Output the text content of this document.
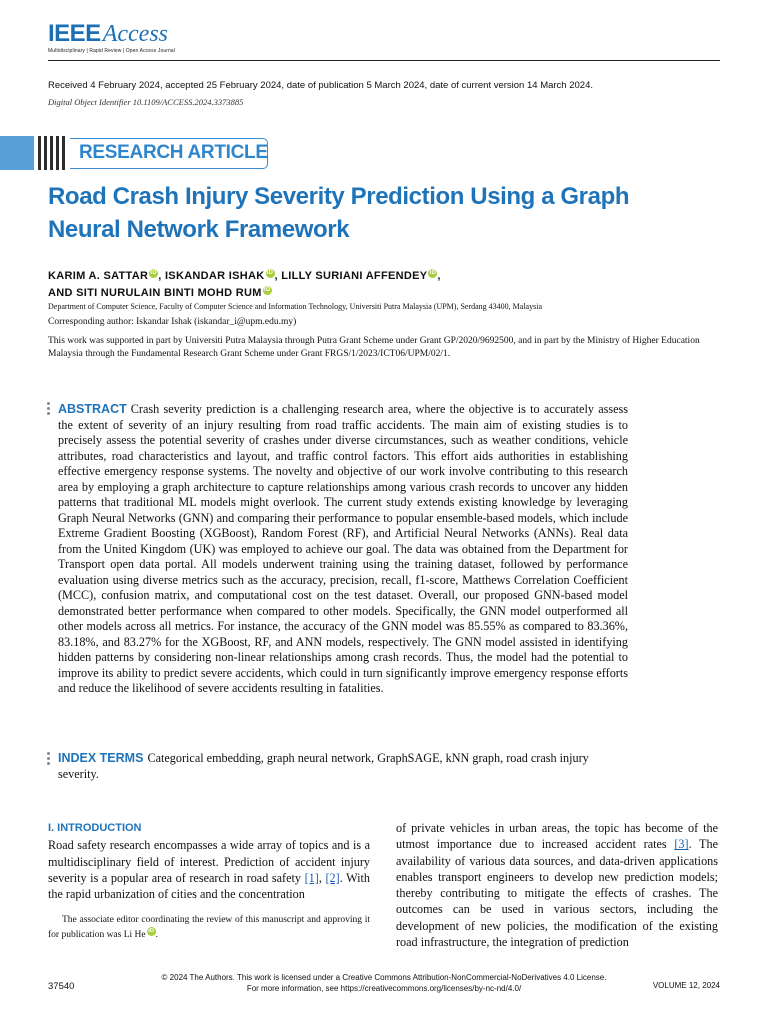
IEEE Access
Multidisciplinary | Rapid Review | Open Access Journal
Received 4 February 2024, accepted 25 February 2024, date of publication 5 March 2024, date of current version 14 March 2024.
Digital Object Identifier 10.1109/ACCESS.2024.3373885
RESEARCH ARTICLE
Road Crash Injury Severity Prediction Using a Graph Neural Network Framework
KARIM A. SATTAR iD, ISKANDAR ISHAK iD, LILLY SURIANI AFFENDEY iD,
AND SITI NURULAIN BINTI MOHD RUM iD
Department of Computer Science, Faculty of Computer Science and Information Technology, Universiti Putra Malaysia (UPM), Serdang 43400, Malaysia
Corresponding author: Iskandar Ishak (iskandar_i@upm.edu.my)
This work was supported in part by Universiti Putra Malaysia through Putra Grant Scheme under Grant GP/2020/9692500, and in part by the Ministry of Higher Education Malaysia through the Fundamental Research Grant Scheme under Grant FRGS/1/2023/ICT06/UPM/02/1.
ABSTRACT Crash severity prediction is a challenging research area, where the objective is to accurately assess the extent of severity of an injury resulting from road traffic accidents. The main aim of existing studies is to precisely assess the potential severity of crashes under diverse circumstances, such as weather conditions, vehicle attributes, road characteristics and layout, and traffic control factors. This effort aids authorities in establishing effective emergency response systems. The novelty and objective of our work involve contributing to this research area by employing a graph architecture to capture relationships among various crash records to uncover any hidden patterns that traditional ML models might overlook. The current study extends existing knowledge by leveraging Graph Neural Networks (GNN) and comparing their performance to popular ensemble-based models, which include Extreme Gradient Boosting (XGBoost), Random Forest (RF), and Artificial Neural Networks (ANNs). Real data from the United Kingdom (UK) was employed to achieve our goal. The data was obtained from the Department for Transport open data portal. All models underwent training using the training dataset, followed by performance evaluation using diverse metrics such as the accuracy, precision, recall, f1-score, Matthews Correlation Coefficient (MCC), confusion matrix, and computational cost on the test dataset. Overall, our proposed GNN-based model demonstrated better performance when compared to other models. Specifically, the GNN model outperformed all other models across all metrics. For instance, the accuracy of the GNN model was 85.55% as compared to 83.36%, 83.18%, and 83.27% for the XGBoost, RF, and ANN models, respectively. The GNN model assisted in identifying hidden patterns by considering non-linear relationships among crash records. Thus, the model had the potential to improve its ability to predict severe accidents, which could in turn significantly improve emergency response efforts and reduce the likelihood of severe accidents resulting in fatalities.
INDEX TERMS Categorical embedding, graph neural network, GraphSAGE, kNN graph, road crash injury severity.
I. INTRODUCTION
Road safety research encompasses a wide array of topics and is a multidisciplinary field of interest. Prediction of accident injury severity is a popular area of research in road safety [1], [2]. With the rapid urbanization of cities and the concentration
The associate editor coordinating the review of this manuscript and approving it for publication was Li He iD .
of private vehicles in urban areas, the topic has become of the utmost importance due to increased accident rates [3]. The availability of various data sources, and data-driven applications enables transport engineers to develop new prediction models; thereby contributing to mitigate the effects of crashes. The outcomes can be used in various sectors, including the development of new policies, the modification of the existing road infrastructure, the integration of prediction
37540
© 2024 The Authors. This work is licensed under a Creative Commons Attribution-NonCommercial-NoDerivatives 4.0 License.
For more information, see https://creativecommons.org/licenses/by-nc-nd/4.0/	VOLUME 12, 2024
